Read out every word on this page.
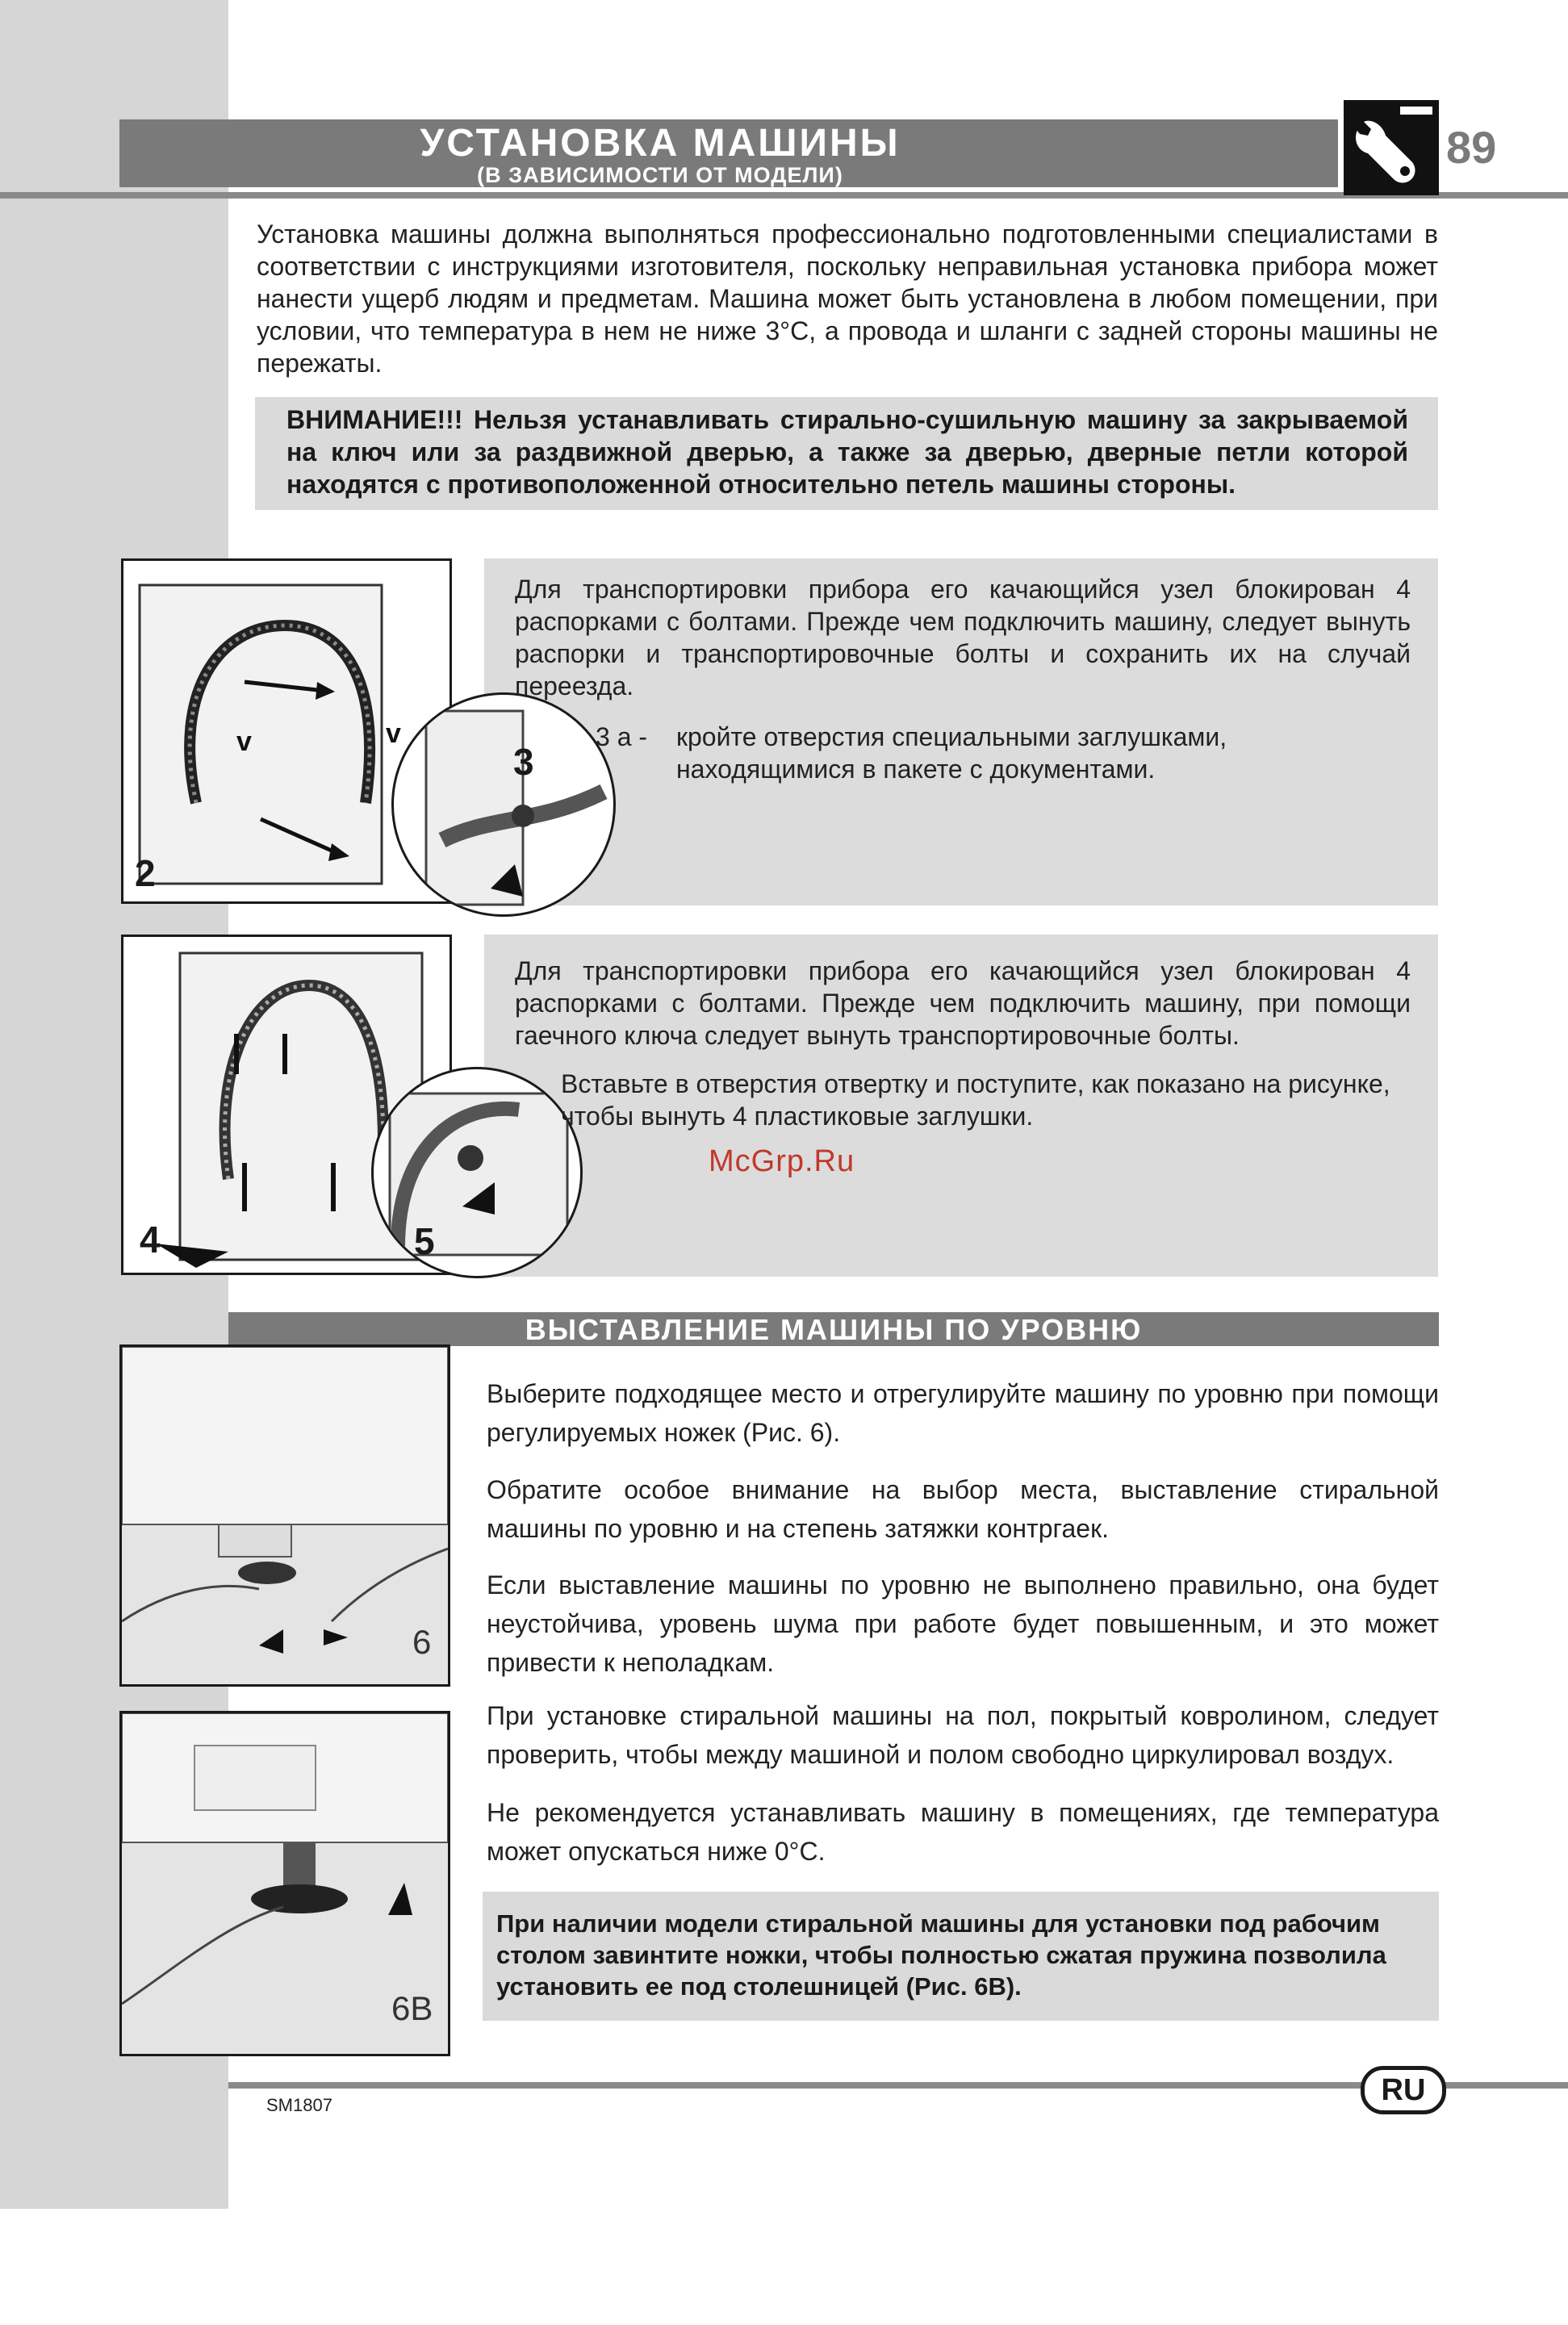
УСТАНОВКА МАШИНЫ
(В ЗАВИСИМОСТИ ОТ МОДЕЛИ)
89
Установка машины должна выполняться профессионально подготовленными специалистами в соответствии с инструкциями изготовителя, поскольку неправильная установка прибора может нанести ущерб людям и предметам. Машина может быть установлена в любом помещении, при условии, что температура в нем не ниже 3°C, а провода и шланги с задней стороны машины не пережаты.
ВНИМАНИЕ!!! Нельзя устанавливать стирально-сушильную машину за закрываемой на ключ или за раздвижной дверью, а также за дверью, дверные петли которой находятся с противоположенной относительно петель машины стороны.
v	v
2
3
Для транспортировки прибора его качающийся узел блокирован 4 распорками с болтами. Прежде чем подключить машину, следует вынуть распорки и транспортировочные болты и сохранить их на случай переезда.
3 а -	кройте отверстия специальными заглушками, находящимися в пакете с документами.
4	5
Для транспортировки прибора его качающийся узел блокирован 4 распорками с болтами. Прежде чем подключить машину, при помощи гаечного ключа следует вынуть транспортировочные болты.
Вставьте в отверстия отвертку и поступите, как показано на рисунке, чтобы вынуть 4 пластиковые заглушки.
McGrp.Ru
ВЫСТАВЛЕНИЕ МАШИНЫ ПО УРОВНЮ
6
6B
Выберите подходящее место и отрегулируйте машину по уровню при помощи регулируемых ножек (Рис. 6).
Обратите особое внимание на выбор места, выставление стиральной машины по уровню и на степень затяжки контргаек.
Если выставление машины по уровню не выполнено правильно, она будет неустойчива, уровень шума при работе будет повышенным, и это может привести к неполадкам.
При установке стиральной машины на пол, покрытый ковролином, следует проверить, чтобы между машиной и полом свободно циркулировал воздух.
Не рекомендуется устанавливать машину в помещениях, где температура может опускаться ниже 0°C.
При наличии модели стиральной машины для установки под рабочим столом завинтите ножки, чтобы полностью сжатая пружина позволила установить ее под столешницей (Рис. 6В).
RU
SM1807
